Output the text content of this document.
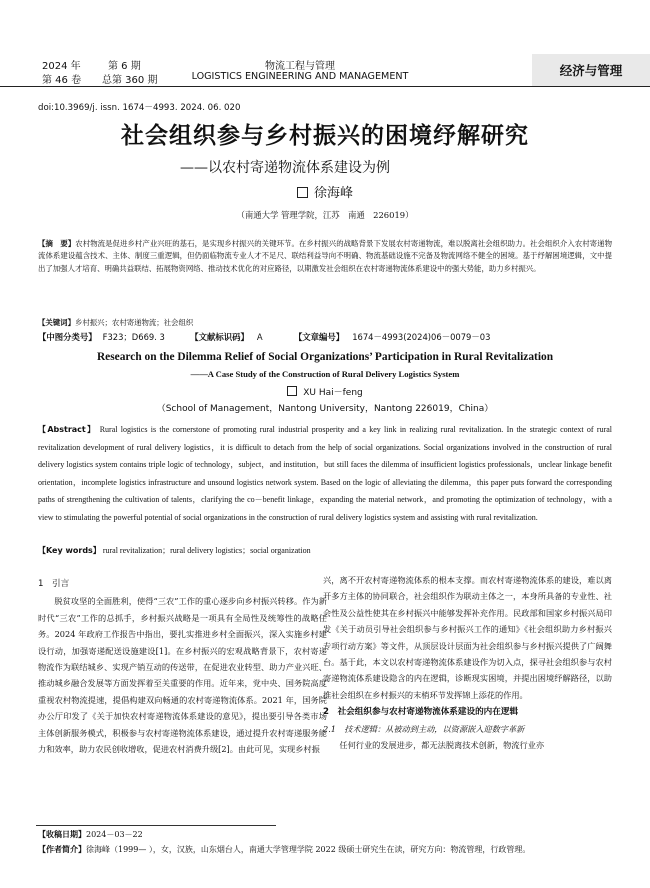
2024 年	第 6 期
第 46 卷 总第 360 期
物流工程与管理
LOGISTICS ENGINEERING AND MANAGEMENT	经济与管理
doi:10.3969/j. issn. 1674－4993. 2024. 06. 020
社会组织参与乡村振兴的困境纾解研究
——以农村寄递物流体系建设为例
徐海峰
（南通大学 管理学院，江苏　南通　226019）
【摘　要】农村物流是促进乡村产业兴旺的基石，是实现乡村振兴的关键环节。在乡村振兴的战略背景下发展农村寄递物流，难以脱离社会组织助力。社会组织介入农村寄递物流体系建设蕴含技术、主体、制度三重逻辑，但仍面临物流专业人才不足尺、联结利益导向不明确、物流基础设施不完备及物流网络不健全的困境。基于纾解困境逻辑，文中提出了加强人才培育、明确共益联结、拓展物资网络、推动技术优化的对应路径，以期激发社会组织在农村寄递物流体系建设中的强大势能，助力乡村振兴。
【关键词】乡村振兴；农村寄递物流；社会组织
【中图分类号】 F323；D669. 3	【文献标识码】 A	【文章编号】 1674－4993(2024)06－0079－03
Research on the Dilemma Relief of Social Organizations’ Participation in Rural Revitalization
——A Case Study of the Construction of Rural Delivery Logistics System
XU Hai－feng
（School of Management，Nantong University，Nantong 226019，China）
【Abstract】 Rural logistics is the cornerstone of promoting rural industrial prosperity and a key link in realizing rural revitalization. In the strategic context of rural revitalization development of rural delivery logistics，it is difficult to detach from the help of social organizations. Social organizations involved in the construction of rural delivery logistics system contains triple logic of technology，subject，and institution，but still faces the dilemma of insufficient logistics professionals，unclear linkage benefit orientation，incomplete logistics infrastructure and unsound logistics network system. Based on the logic of alleviating the dilemma，this paper puts forward the corresponding paths of strengthening the cultivation of talents，clarifying the co－benefit linkage，expanding the material network，and promoting the optimization of technology，with a view to stimulating the powerful potential of social organizations in the construction of rural delivery logistics system and assisting with rural revitalization.
【Key words】 rural revitalization；rural delivery logistics；social organization
1　引言

脱贫攻坚的全面胜利，使得“三农”工作的重心逐步向乡村振兴转移。作为新时代“三农”工作的总抓手，乡村振兴战略是一项具有全局性及统筹性的战略任务。2024 年政府工作报告中指出，要扎实推进乡村全面振兴，深入实施乡村建设行动，加强寄递配送设施建设[1]。在乡村振兴的宏观战略背景下，农村寄递物流作为联结城乡、实现产销互动的传送带，在促进农业转型、助力产业兴旺、推动城乡融合发展等方面发挥着至关重要的作用。近年来，党中央、国务院高度重视农村物流提速，提倡构建双向畅通的农村寄递物流体系。2021 年，国务院办公厅印发了《关于加快农村寄递物流体系建设的意见》，提出要引导各类市场主体创新服务模式，积极参与农村寄递物流体系建设，通过提升农村寄递服务能力和效率，助力农民创收增收，促进农村消费升级[2]。由此可见，实现乡村振

兴，离不开农村寄递物流体系的根本支撑。而农村寄递物流体系的建设，难以离开多方主体的协同联合，社会组织作为联动主体之一，本身所具备的专业性、社会性及公益性使其在乡村振兴中能够发挥补充作用。民政部和国家乡村振兴局印发《关于动员引导社会组织参与乡村振兴工作的通知》《社会组织助力乡村振兴专项行动方案》等文件，从顶层设计层面为社会组织参与乡村振兴提供了广阔舞台。基于此，本文以农村寄递物流体系建设作为切入点，探寻社会组织参与农村寄递物流体系建设隐含的内在逻辑，诊断现实困境，并提出困境纾解路径，以助推社会组织在乡村振兴的末梢环节发挥锦上添花的作用。

2　社会组织参与农村寄递物流体系建设的内在逻辑
2.1　技术逻辑：从被动到主动，以资源嵌入迎数字革新

任何行业的发展进步，都无法脱离技术创新，物流行业亦

【收稿日期】2024－03－22
【作者简介】徐海峰（1999— ），女，汉族，山东烟台人，南通大学管理学院 2022 级硕士研究生在读，研究方向：物流管理，行政管理。
